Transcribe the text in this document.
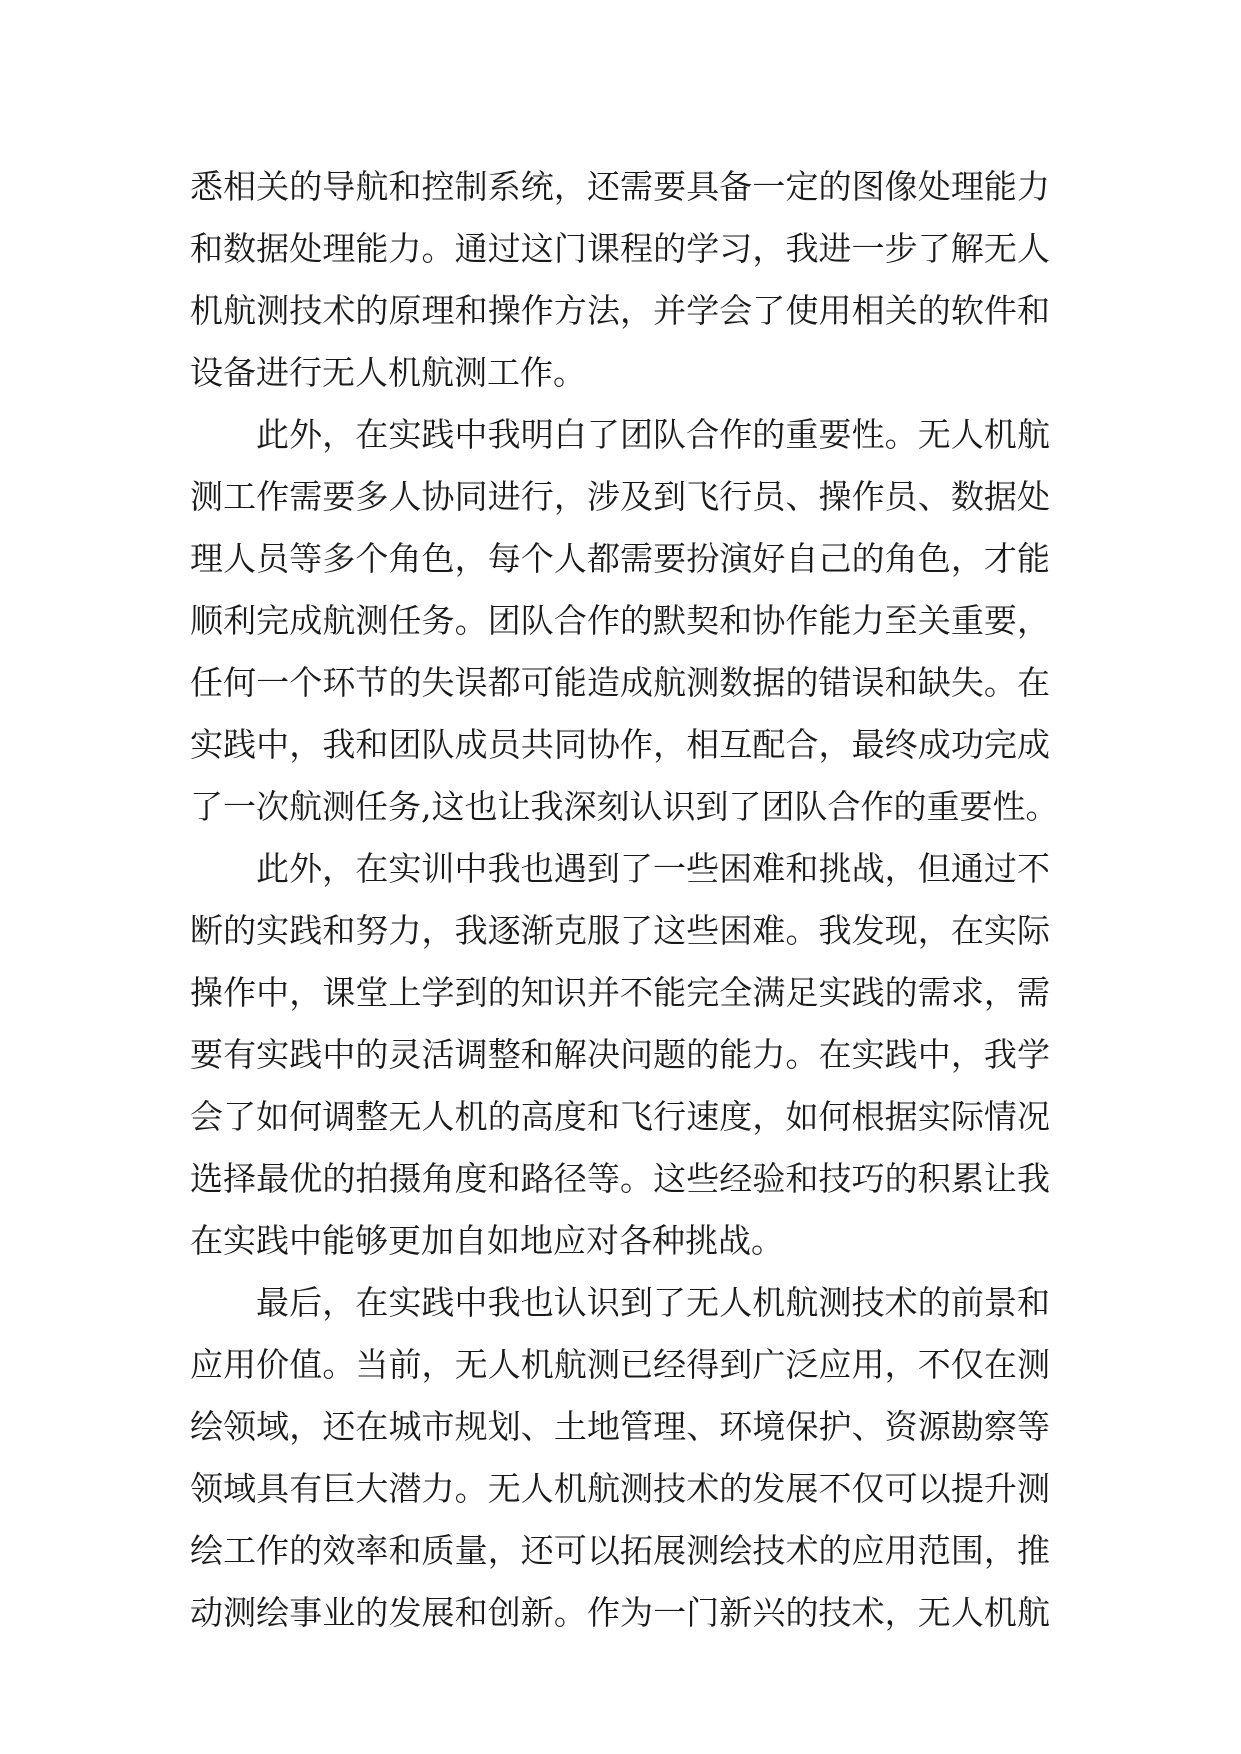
悉相关的导航和控制系统，还需要具备一定的图像处理能力
和数据处理能力。通过这门课程的学习，我进一步了解无人
机航测技术的原理和操作方法，并学会了使用相关的软件和
设备进行无人机航测工作。
此外，在实践中我明白了团队合作的重要性。无人机航
测工作需要多人协同进行，涉及到飞行员、操作员、数据处
理人员等多个角色，每个人都需要扮演好自己的角色，才能
顺利完成航测任务。团队合作的默契和协作能力至关重要，
任何一个环节的失误都可能造成航测数据的错误和缺失。在
实践中，我和团队成员共同协作，相互配合，最终成功完成
了一次航测任务,这也让我深刻认识到了团队合作的重要性。
此外，在实训中我也遇到了一些困难和挑战，但通过不
断的实践和努力，我逐渐克服了这些困难。我发现，在实际
操作中，课堂上学到的知识并不能完全满足实践的需求，需
要有实践中的灵活调整和解决问题的能力。在实践中，我学
会了如何调整无人机的高度和飞行速度，如何根据实际情况
选择最优的拍摄角度和路径等。这些经验和技巧的积累让我
在实践中能够更加自如地应对各种挑战。
最后，在实践中我也认识到了无人机航测技术的前景和
应用价值。当前，无人机航测已经得到广泛应用，不仅在测
绘领域，还在城市规划、土地管理、环境保护、资源勘察等
领域具有巨大潜力。无人机航测技术的发展不仅可以提升测
绘工作的效率和质量，还可以拓展测绘技术的应用范围，推
动测绘事业的发展和创新。作为一门新兴的技术，无人机航
